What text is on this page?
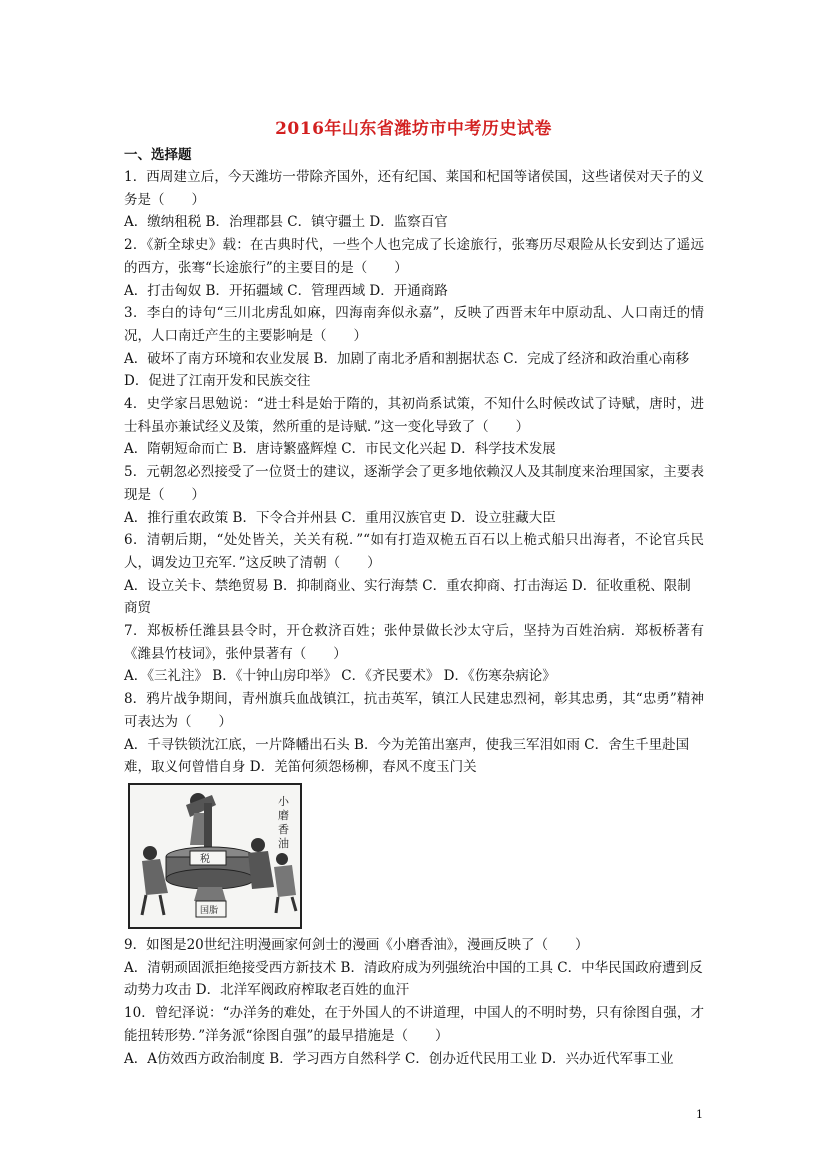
2016年山东省潍坊市中考历史试卷
一、选择题

1．西周建立后，今天潍坊一带除齐国外，还有纪国、莱国和杞国等诸侯国，这些诸侯对天子的义务是（　　）

A．缴纳租税 B．治理郡县 C．镇守疆土 D．监察百官

2．《新全球史》载：在古典时代，一些个人也完成了长途旅行，张骞历尽艰险从长安到达了遥远的西方，张骞“长途旅行”的主要目的是（　　）

A．打击匈奴 B．开拓疆域 C．管理西域 D．开通商路

3．李白的诗句“三川北虏乱如麻，四海南奔似永嘉”，反映了西晋末年中原动乱、人口南迁的情况，人口南迁产生的主要影响是（　　）

A．破坏了南方环境和农业发展 B．加剧了南北矛盾和割据状态 C．完成了经济和政治重心南移 D．促进了江南开发和民族交往

4．史学家吕思勉说：“进士科是始于隋的，其初尚系试策，不知什么时候改试了诗赋，唐时，进士科虽亦兼试经义及策，然所重的是诗赋．”这一变化导致了（　　）

A．隋朝短命而亡 B．唐诗繁盛辉煌 C．市民文化兴起 D．科学技术发展

5．元朝忽必烈接受了一位贤士的建议，逐渐学会了更多地依赖汉人及其制度来治理国家，主要表现是（　　）

A．推行重农政策 B．下令合并州县 C．重用汉族官吏 D．设立驻藏大臣

6．清朝后期，“处处皆关，关关有税．”“如有打造双桅五百石以上桅式船只出海者，不论官兵民人，调发边卫充军．”这反映了清朝（　　）

A．设立关卡、禁绝贸易 B．抑制商业、实行海禁 C．重农抑商、打击海运 D．征收重税、限制商贸

7．郑板桥任潍县县令时，开仓救济百姓；张仲景做长沙太守后，坚持为百姓治病．郑板桥著有《潍县竹枝词》，张仲景著有（　　）

A．《三礼注》 B．《十钟山房印举》 C．《齐民要术》 D．《伤寒杂病论》

8．鸦片战争期间，青州旗兵血战镇江，抗击英军，镇江人民建忠烈祠，彰其忠勇，其“忠勇”精神可表达为（　　）

A．千寻铁锁沈江底，一片降幡出石头 B．今为羌笛出塞声，使我三军泪如雨 C．舍生千里赴国难，取义何曾惜自身 D．羌笛何须怨杨柳，春风不度玉门关

小
磨
香
油
税
国脂

9．如图是20世纪注明漫画家何剑士的漫画《小磨香油》，漫画反映了（　　）

A．清朝顽固派拒绝接受西方新技术 B．清政府成为列强统治中国的工具 C．中华民国政府遭到反动势力攻击 D．北洋军阀政府榨取老百姓的血汗

10．曾纪泽说：“办洋务的难处，在于外国人的不讲道理，中国人的不明时势，只有徐图自强，才能扭转形势．”洋务派“徐图自强”的最早措施是（　　）

A．A仿效西方政治制度 B．学习西方自然科学 C．创办近代民用工业 D．兴办近代军事工业

1
